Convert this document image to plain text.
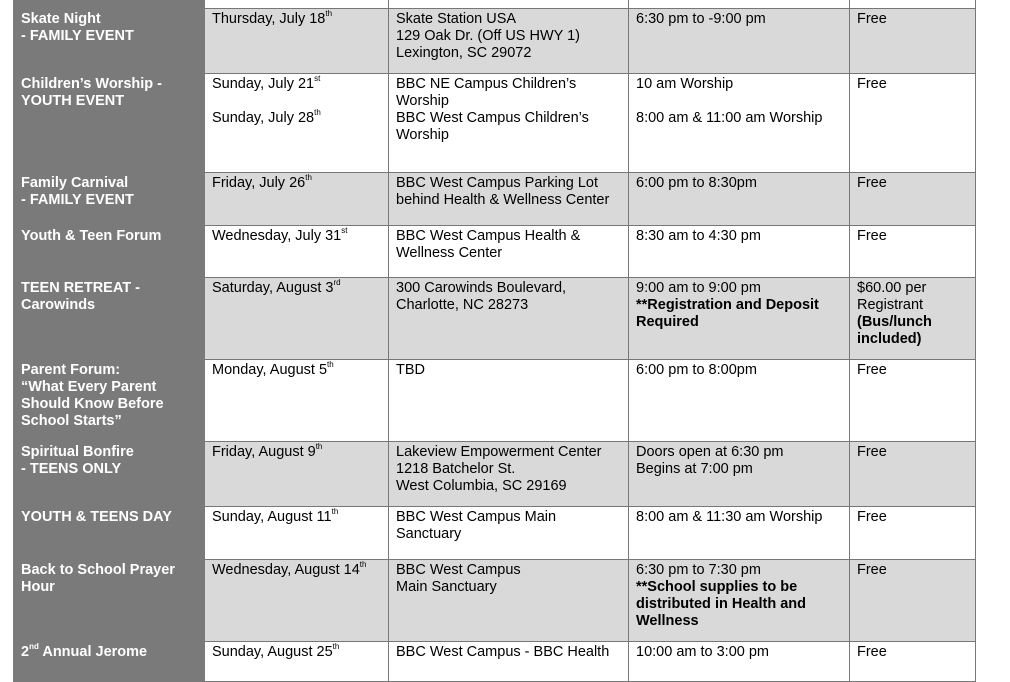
Skate Night
- FAMILY EVENT	Thursday, July 18th	Skate Station USA
129 Oak Dr. (Off US HWY 1)
Lexington, SC 29072	6:30 pm to -9:00 pm	Free

Children’s Worship -
YOUTH EVENT	Sunday, July 21st
Sunday, July 28th	BBC NE Campus Children’s
Worship
BBC West Campus Children’s
Worship	10 am Worship
8:00 am & 11:00 am Worship	Free

Family Carnival
- FAMILY EVENT	Friday, July 26th	BBC West Campus Parking Lot
behind Health & Wellness Center	6:00 pm to 8:30pm	Free

Youth & Teen Forum	Wednesday, July 31st	BBC West Campus Health &
Wellness Center	8:30 am to 4:30 pm	Free

TEEN RETREAT -
Carowinds	Saturday, August 3rd	300 Carowinds Boulevard,
Charlotte, NC 28273	9:00 am to 9:00 pm
**Registration and Deposit
Required	$60.00 per
Registrant
(Bus/lunch
included)

Parent Forum:
“What Every Parent
Should Know Before
School Starts”	Monday, August 5th	TBD	6:00 pm to 8:00pm	Free

Spiritual Bonfire
- TEENS ONLY	Friday, August 9th	Lakeview Empowerment Center
1218 Batchelor St.
West Columbia, SC 29169	Doors open at 6:30 pm
Begins at 7:00 pm	Free

YOUTH & TEENS DAY	Sunday, August 11th	BBC West Campus Main
Sanctuary	8:00 am & 11:30 am Worship	Free

Back to School Prayer
Hour	Wednesday, August 14th	BBC West Campus
Main Sanctuary	6:30 pm to 7:30 pm
**School supplies to be
distributed in Health and
Wellness	Free
2nd Annual Jerome	Sunday, August 25th	BBC West Campus - BBC Health	10:00 am to 3:00 pm	Free
